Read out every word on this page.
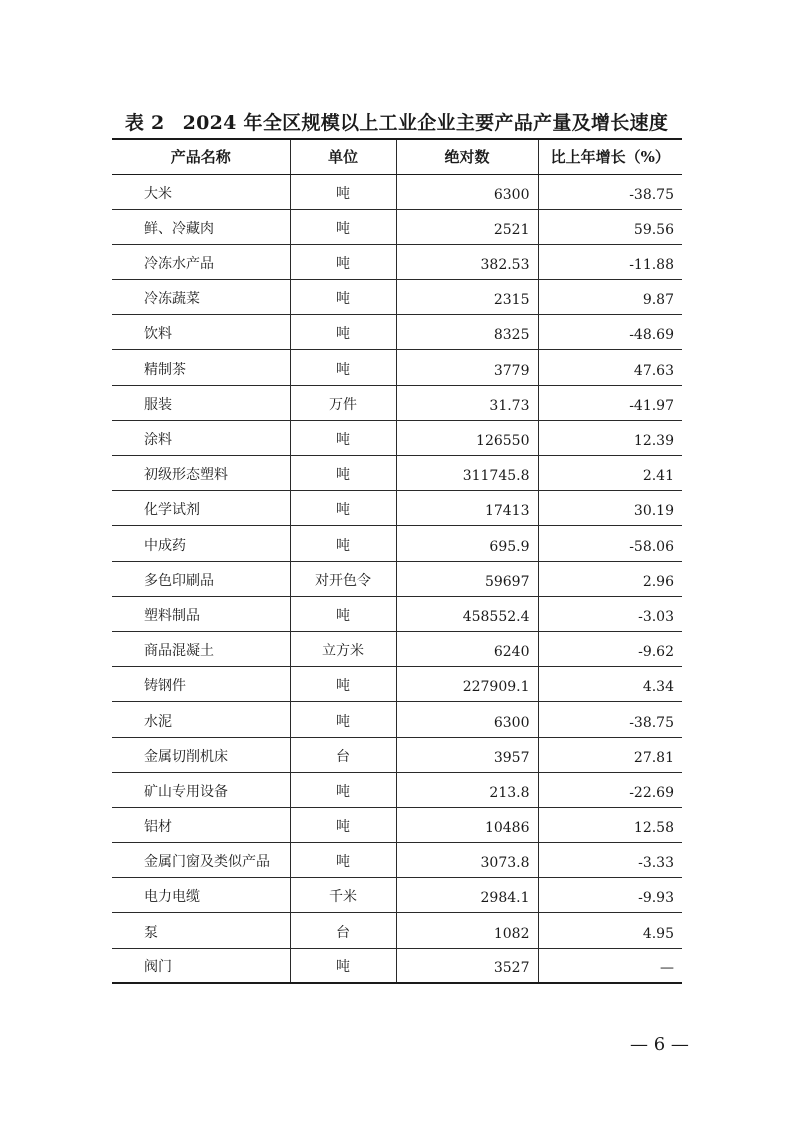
表 2 2024 年全区规模以上工业企业主要产品产量及增长速度
产品名称	单位	绝对数	比上年增长（%）
大米	吨	6300	-38.75
鲜、冷藏肉	吨	2521	59.56
冷冻水产品	吨	382.53	-11.88
冷冻蔬菜	吨	2315	9.87
饮料	吨	8325	-48.69
精制茶	吨	3779	47.63
服装	万件	31.73	-41.97
涂料	吨	126550	12.39
初级形态塑料	吨	311745.8	2.41
化学试剂	吨	17413	30.19
中成药	吨	695.9	-58.06
多色印刷品	对开色令	59697	2.96
塑料制品	吨	458552.4	-3.03
商品混凝土	立方米	6240	-9.62
铸钢件	吨	227909.1	4.34
水泥	吨	6300	-38.75
金属切削机床	台	3957	27.81
矿山专用设备	吨	213.8	-22.69
铝材	吨	10486	12.58
金属门窗及类似产品	吨	3073.8	-3.33
电力电缆	千米	2984.1	-9.93
泵	台	1082	4.95
阀门	吨	3527	—
— 6 —
